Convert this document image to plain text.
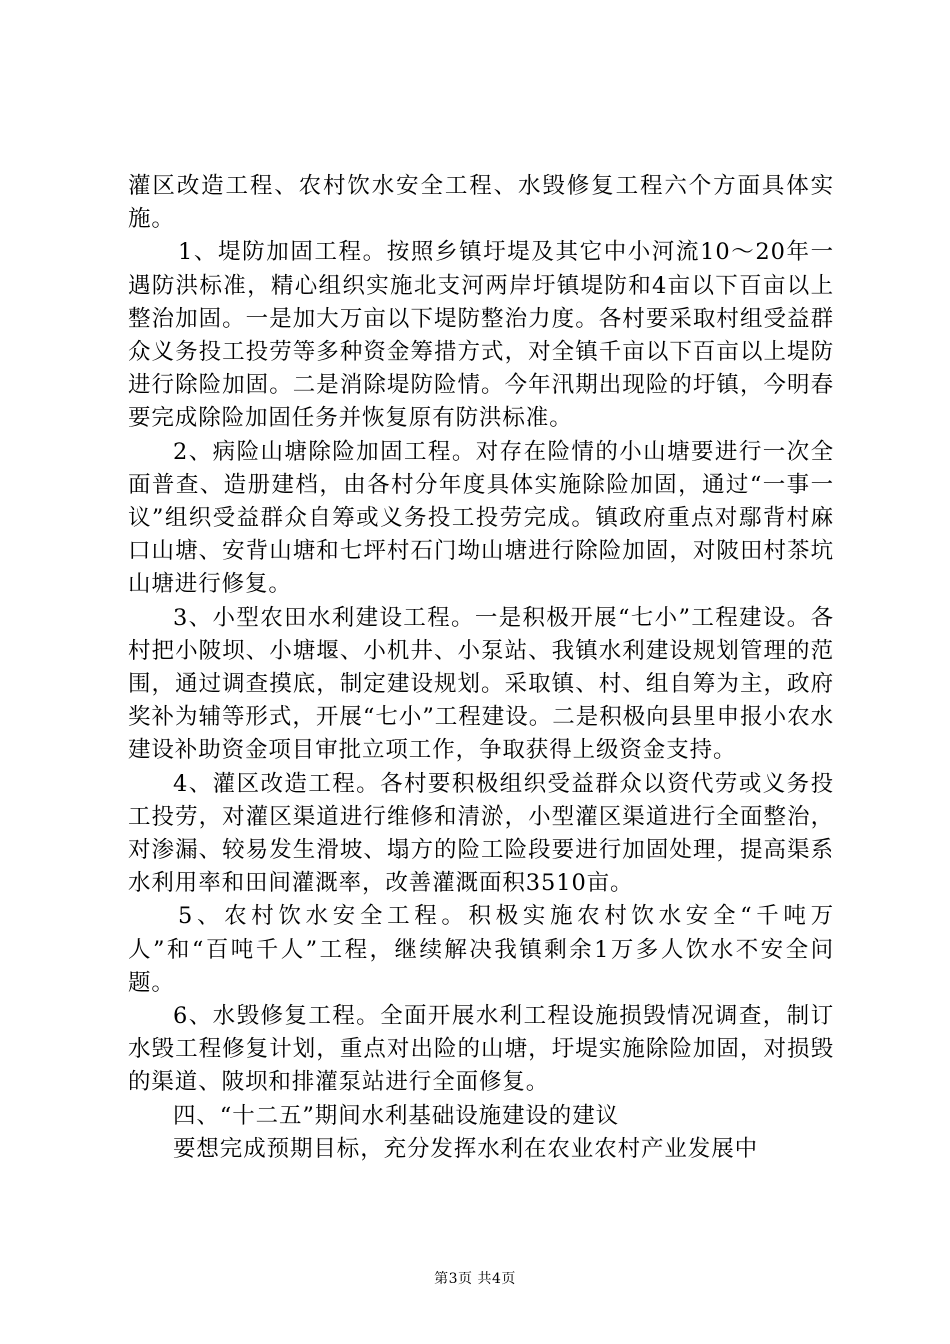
灌区改造工程、农村饮水安全工程、水毁修复工程六个方面具体实施。

1、堤防加固工程。按照乡镇圩堤及其它中小河流10～20年一遇防洪标准，精心组织实施北支河两岸圩镇堤防和4亩以下百亩以上整治加固。一是加大万亩以下堤防整治力度。各村要采取村组受益群众义务投工投劳等多种资金筹措方式，对全镇千亩以下百亩以上堤防进行除险加固。二是消除堤防险情。今年汛期出现险的圩镇，今明春要完成除险加固任务并恢复原有防洪标准。

2、病险山塘除险加固工程。对存在险情的小山塘要进行一次全面普查、造册建档，由各村分年度具体实施除险加固，通过“一事一议”组织受益群众自筹或义务投工投劳完成。镇政府重点对鄢背村麻口山塘、安背山塘和七坪村石门坳山塘进行除险加固，对陂田村茶坑山塘进行修复。

3、小型农田水利建设工程。一是积极开展“七小”工程建设。各村把小陂坝、小塘堰、小机井、小泵站、我镇水利建设规划管理的范围，通过调查摸底，制定建设规划。采取镇、村、组自筹为主，政府奖补为辅等形式，开展“七小”工程建设。二是积极向县里申报小农水建设补助资金项目审批立项工作，争取获得上级资金支持。

4、灌区改造工程。各村要积极组织受益群众以资代劳或义务投工投劳，对灌区渠道进行维修和清淤，小型灌区渠道进行全面整治，对渗漏、较易发生滑坡、塌方的险工险段要进行加固处理，提高渠系水利用率和田间灌溉率，改善灌溉面积3510亩。

5、农村饮水安全工程。积极实施农村饮水安全“千吨万人”和“百吨千人”工程，继续解决我镇剩余1万多人饮水不安全问题。

6、水毁修复工程。全面开展水利工程设施损毁情况调查，制订水毁工程修复计划，重点对出险的山塘，圩堤实施除险加固，对损毁的渠道、陂坝和排灌泵站进行全面修复。

四、“十二五”期间水利基础设施建设的建议

要想完成预期目标，充分发挥水利在农业农村产业发展中

第3页 共4页
